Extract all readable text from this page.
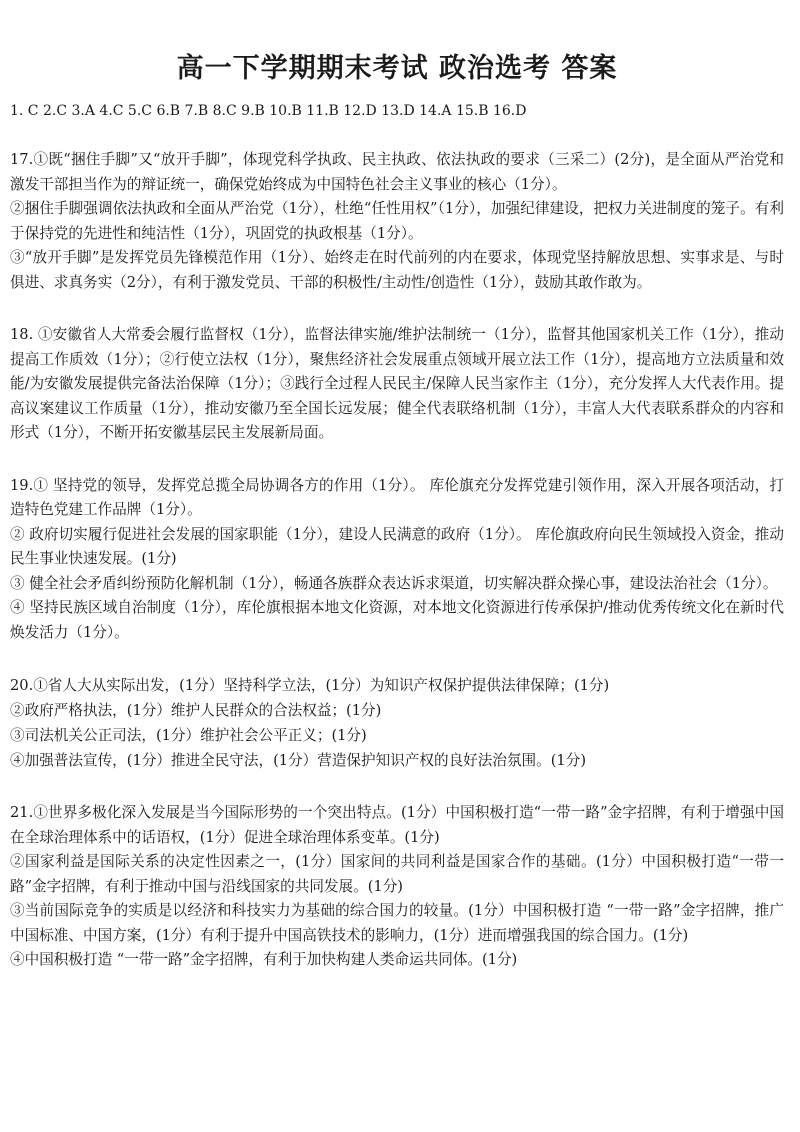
高一下学期期末考试 政治选考 答案

1. C 2.C 3.A 4.C 5.C 6.B 7.B 8.C 9.B 10.B 11.B 12.D 13.D 14.A 15.B 16.D

17.①既“捆住手脚”又“放开手脚”，体现党科学执政、民主执政、依法执政的要求（三采二）(2分)，是全面从严治党和激发干部担当作为的辩证统一，确保党始终成为中国特色社会主义事业的核心（1分）。

②捆住手脚强调依法执政和全面从严治党（1分），杜绝“任性用权”（1分），加强纪律建设，把权力关进制度的笼子。有利于保持党的先进性和纯洁性（1分），巩固党的执政根基（1分）。

③“放开手脚”是发挥党员先锋模范作用（1分）、始终走在时代前列的内在要求，体现党坚持解放思想、实事求是、与时俱进、求真务实（2分），有利于激发党员、干部的积极性/主动性/创造性（1分），鼓励其敢作敢为。

18. ①安徽省人大常委会履行监督权（1分），监督法律实施/维护法制统一（1分），监督其他国家机关工作（1分），推动提高工作质效（1分）；②行使立法权（1分），聚焦经济社会发展重点领域开展立法工作（1分），提高地方立法质量和效能/为安徽发展提供完备法治保障（1分）；③践行全过程人民民主/保障人民当家作主（1分），充分发挥人大代表作用。提高议案建议工作质量（1分），推动安徽乃至全国长远发展；健全代表联络机制（1分），丰富人大代表联系群众的内容和形式（1分），不断开拓安徽基层民主发展新局面。

19.① 坚持党的领导，发挥党总揽全局协调各方的作用（1分）。 库伦旗充分发挥党建引领作用，深入开展各项活动，打造特色党建工作品牌（1分）。

② 政府切实履行促进社会发展的国家职能（1分），建设人民满意的政府（1分）。 库伦旗政府向民生领域投入资金，推动民生事业快速发展。(1分)

③ 健全社会矛盾纠纷预防化解机制（1分），畅通各族群众表达诉求渠道，切实解决群众操心事，建设法治社会（1分）。

④ 坚持民族区域自治制度（1分），库伦旗根据本地文化资源，对本地文化资源进行传承保护/推动优秀传统文化在新时代焕发活力（1分）。

20.①省人大从实际出发，(1分）坚持科学立法，(1分）为知识产权保护提供法律保障；(1分)

②政府严格执法，(1分）维护人民群众的合法权益；(1分)

③司法机关公正司法，(1分）维护社会公平正义；(1分)

④加强普法宣传，(1分）推进全民守法，(1分）营造保护知识产权的良好法治氛围。(1分)

21.①世界多极化深入发展是当今国际形势的一个突出特点。(1分）中国积极打造“一带一路”金字招牌，有利于增强中国在全球治理体系中的话语权，(1分）促进全球治理体系变革。(1分)

②国家利益是国际关系的决定性因素之一，(1分）国家间的共同利益是国家合作的基础。(1分）中国积极打造“一带一路”金字招牌，有利于推动中国与沿线国家的共同发展。(1分)

③当前国际竞争的实质是以经济和科技实力为基础的综合国力的较量。(1分）中国积极打造 “一带一路”金字招牌，推广中国标准、中国方案，(1分）有利于提升中国高铁技术的影响力，(1分）进而增强我国的综合国力。(1分)

④中国积极打造 “一带一路”金字招牌，有利于加快构建人类命运共同体。(1分)
